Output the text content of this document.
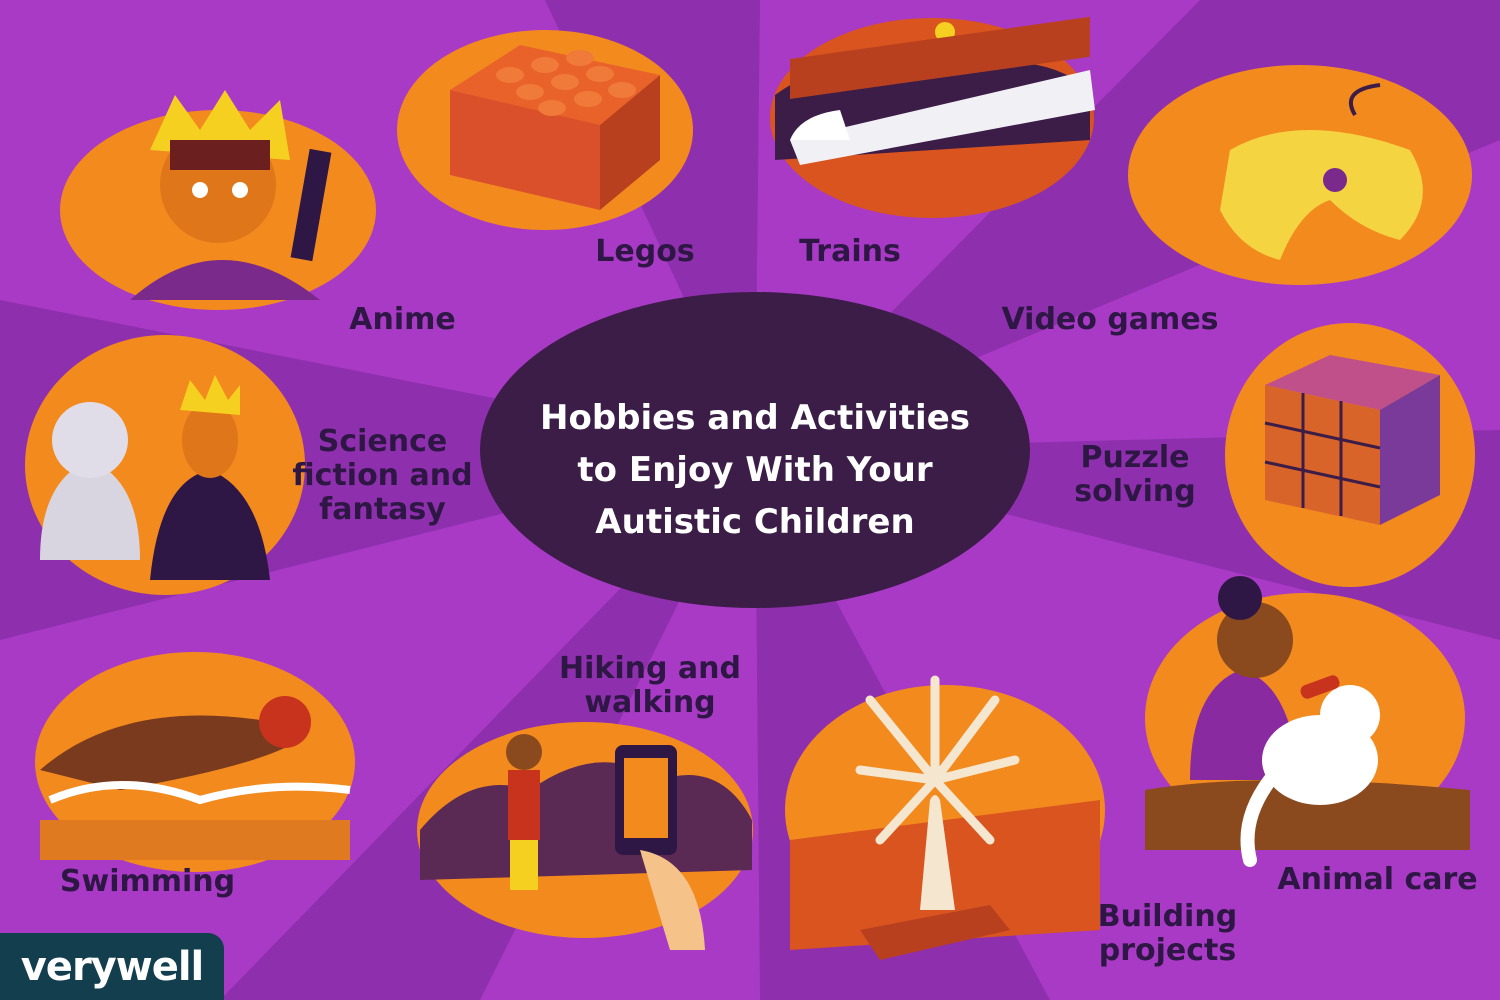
Hobbies and Activities
to Enjoy With Your
Autistic Children
Anime
Legos	Trains
Video games
Science
fiction and
fantasy
Puzzle
solving
Hiking and
walking
Swimming
Building
projects
Animal care
verywell
